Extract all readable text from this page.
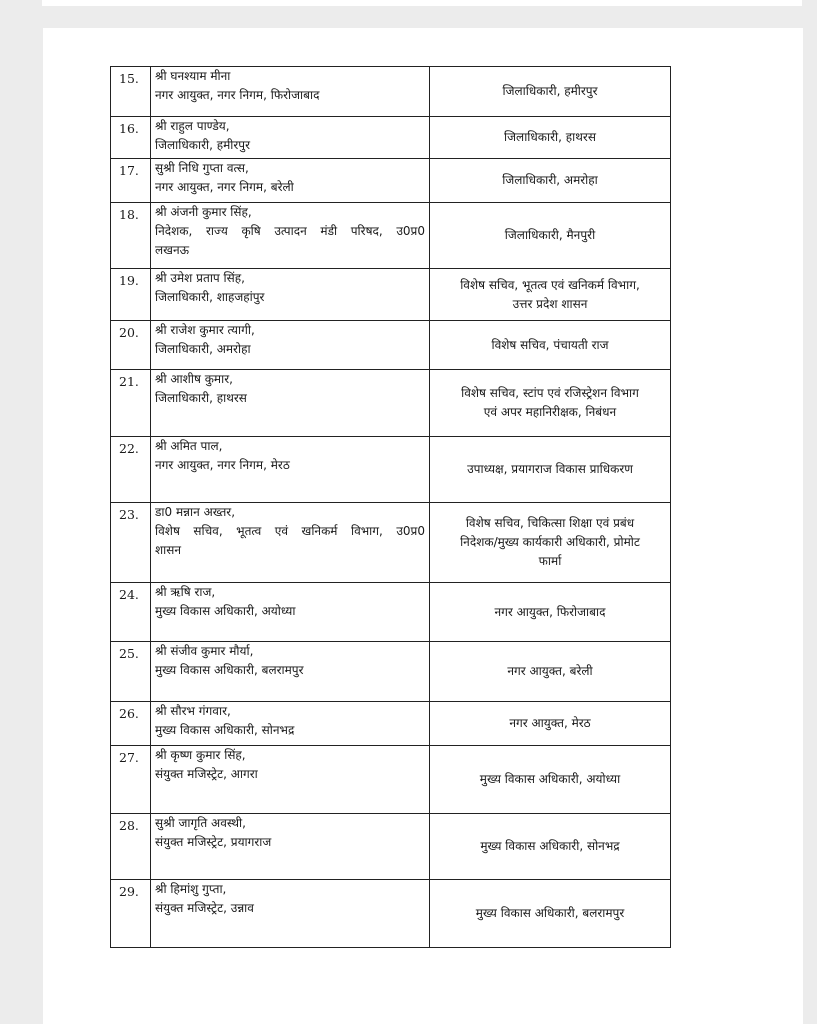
15.	श्री घनश्याम मीना
नगर आयुक्त, नगर निगम, फिरोजाबाद	जिलाधिकारी, हमीरपुर

16.	श्री राहुल पाण्डेय,
जिलाधिकारी, हमीरपुर	जिलाधिकारी, हाथरस

17.	सुश्री निधि गुप्ता वत्स,
नगर आयुक्त, नगर निगम, बरेली	जिलाधिकारी, अमरोहा

18.	श्री अंजनी कुमार सिंह,
निदेशक, राज्य कृषि उत्पादन मंडी परिषद, उ0प्र0
लखनऊ	जिलाधिकारी, मैनपुरी

19.	श्री उमेश प्रताप सिंह,
जिलाधिकारी, शाहजहांपुर	विशेष सचिव, भूतत्व एवं खनिकर्म विभाग,
उत्तर प्रदेश शासन

20.	श्री राजेश कुमार त्यागी,
जिलाधिकारी, अमरोहा	विशेष सचिव, पंचायती राज

21.	श्री आशीष कुमार,
जिलाधिकारी, हाथरस	विशेष सचिव, स्टांप एवं रजिस्ट्रेशन विभाग
एवं अपर महानिरीक्षक, निबंधन

22.	श्री अमित पाल,
नगर आयुक्त, नगर निगम, मेरठ	उपाध्यक्ष, प्रयागराज विकास प्राधिकरण

23.	डा0 मन्नान अख्तर,
विशेष सचिव, भूतत्व एवं खनिकर्म विभाग, उ0प्र0
शासन	विशेष सचिव, चिकित्सा शिक्षा एवं प्रबंध
निदेशक/मुख्य कार्यकारी अधिकारी, प्रोमोट
फार्मा

24.	श्री ऋषि राज,
मुख्य विकास अधिकारी, अयोध्या	नगर आयुक्त, फिरोजाबाद

25.	श्री संजीव कुमार मौर्या,
मुख्य विकास अधिकारी, बलरामपुर	नगर आयुक्त, बरेली

26.	श्री सौरभ गंगवार,
मुख्य विकास अधिकारी, सोनभद्र	नगर आयुक्त, मेरठ

27.	श्री कृष्ण कुमार सिंह,
संयुक्त मजिस्ट्रेट, आगरा	मुख्य विकास अधिकारी, अयोध्या

28.	सुश्री जागृति अवस्थी,
संयुक्त मजिस्ट्रेट, प्रयागराज	मुख्य विकास अधिकारी, सोनभद्र

29.	श्री हिमांशु गुप्ता,
संयुक्त मजिस्ट्रेट, उन्नाव	मुख्य विकास अधिकारी, बलरामपुर
